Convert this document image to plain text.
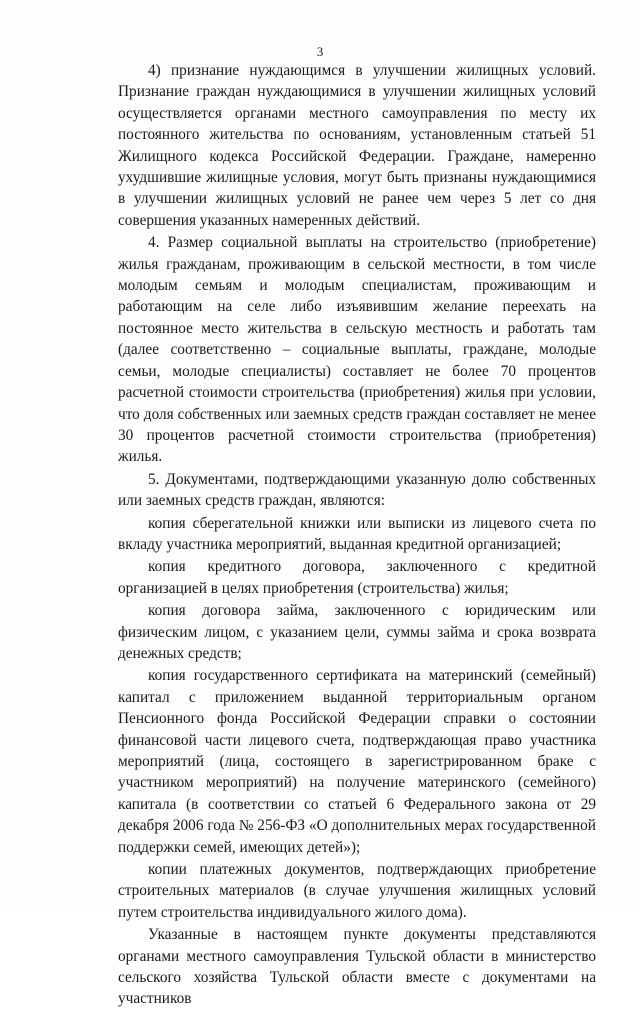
3

4) признание нуждающимся в улучшении жилищных условий. Признание граждан нуждающимися в улучшении жилищных условий осуществляется органами местного самоуправления по месту их постоянного жительства по основаниям, установленным статьей 51 Жилищного кодекса Российской Федерации. Граждане, намеренно ухудшившие жилищные условия, могут быть признаны нуждающимися в улучшении жилищных условий не ранее чем через 5 лет со дня совершения указанных намеренных действий.

4. Размер социальной выплаты на строительство (приобретение) жилья гражданам, проживающим в сельской местности, в том числе молодым семьям и молодым специалистам, проживающим и работающим на селе либо изъявившим желание переехать на постоянное место жительства в сельскую местность и работать там (далее соответственно – социальные выплаты, граждане, молодые семьи, молодые специалисты) составляет не более 70 процентов расчетной стоимости строительства (приобретения) жилья при условии, что доля собственных или заемных средств граждан составляет не менее 30 процентов расчетной стоимости строительства (приобретения) жилья.

5. Документами, подтверждающими указанную долю собственных или заемных средств граждан, являются:

копия сберегательной книжки или выписки из лицевого счета по вкладу участника мероприятий, выданная кредитной организацией;

копия кредитного договора, заключенного с кредитной организацией в целях приобретения (строительства) жилья;

копия договора займа, заключенного с юридическим или физическим лицом, с указанием цели, суммы займа и срока возврата денежных средств;

копия государственного сертификата на материнский (семейный) капитал с приложением выданной территориальным органом Пенсионного фонда Российской Федерации справки о состоянии финансовой части лицевого счета, подтверждающая право участника мероприятий (лица, состоящего в зарегистрированном браке с участником мероприятий) на получение материнского (семейного) капитала (в соответствии со статьей 6 Федерального закона от 29 декабря 2006 года № 256-ФЗ «О дополнительных мерах государственной поддержки семей, имеющих детей»);

копии платежных документов, подтверждающих приобретение строительных материалов (в случае улучшения жилищных условий путем строительства индивидуального жилого дома).

Указанные в настоящем пункте документы представляются органами местного самоуправления Тульской области в министерство сельского хозяйства Тульской области вместе с документами на участников
